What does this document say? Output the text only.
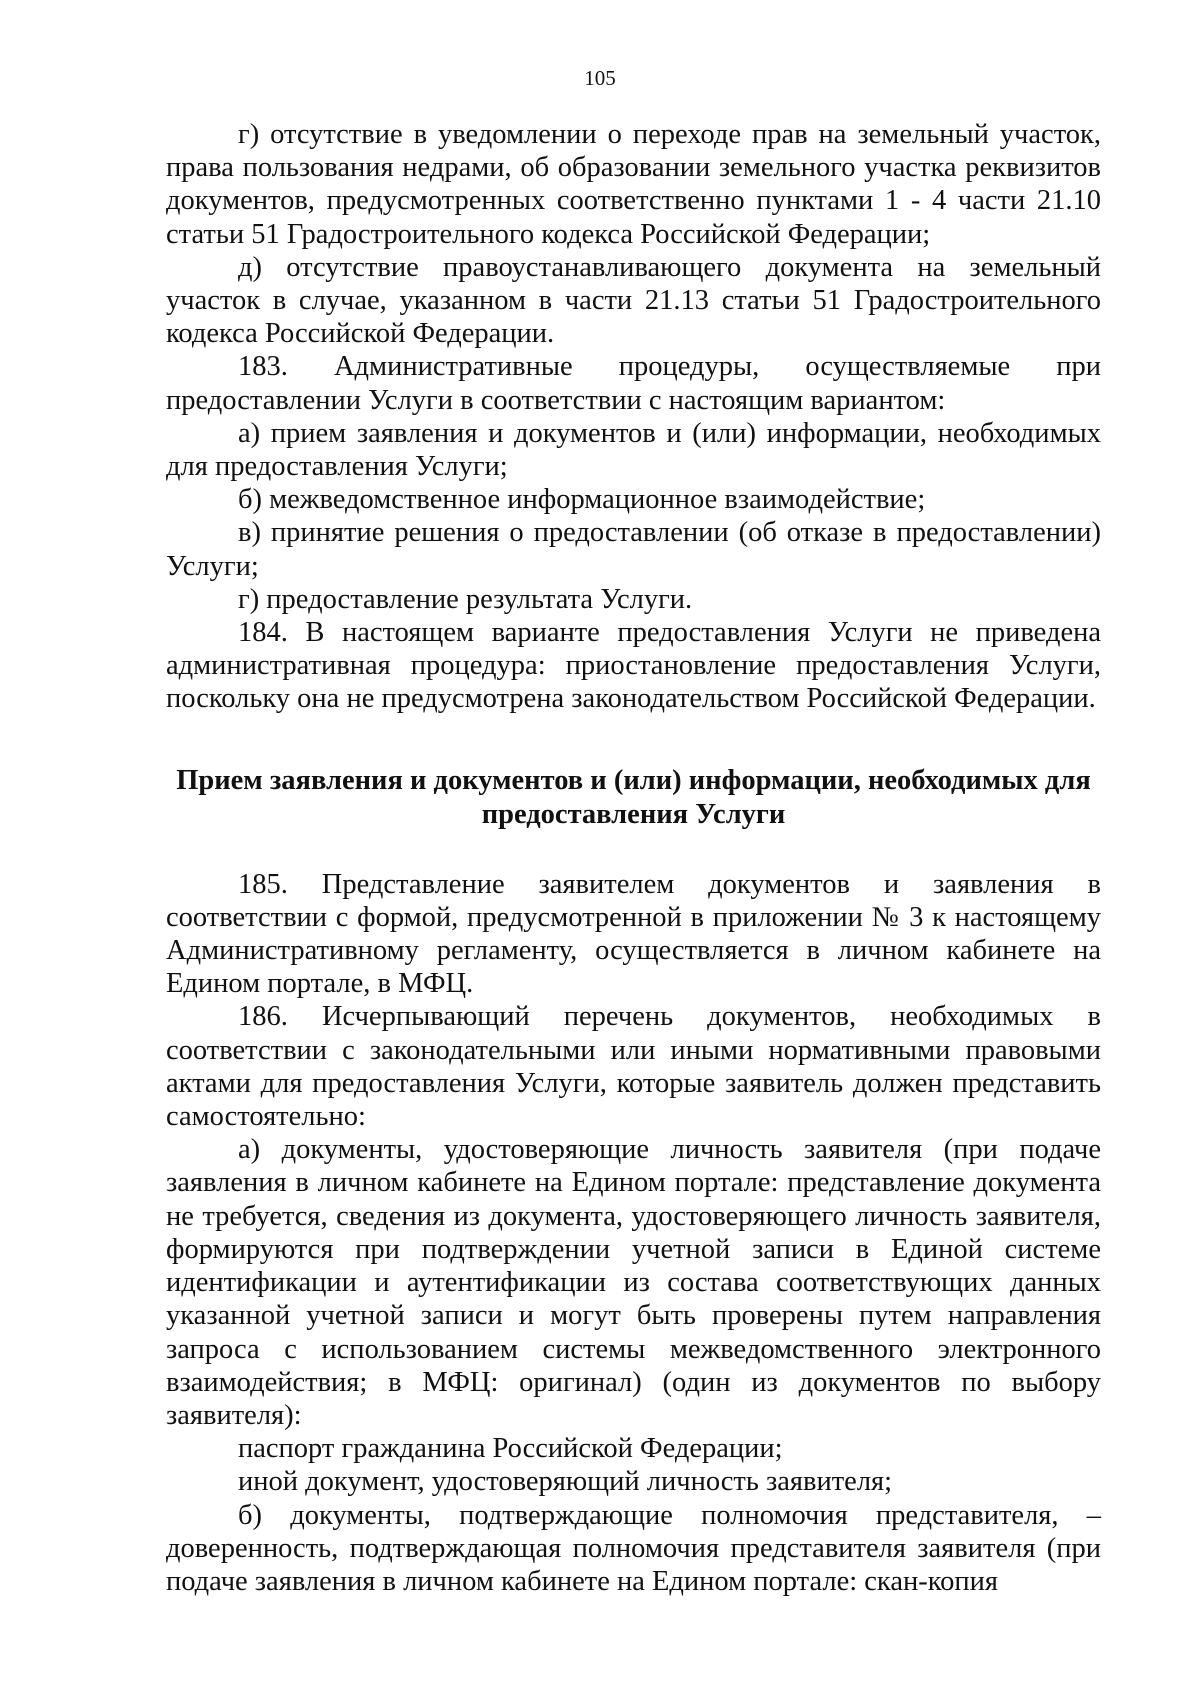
105

г) отсутствие в уведомлении о переходе прав на земельный участок, права пользования недрами, об образовании земельного участка реквизитов документов, предусмотренных соответственно пунктами 1 - 4 части 21.10 статьи 51 Градостроительного кодекса Российской Федерации;

д) отсутствие правоустанавливающего документа на земельный участок в случае, указанном в части 21.13 статьи 51 Градостроительного кодекса Российской Федерации.

183. Административные процедуры, осуществляемые при предоставлении Услуги в соответствии с настоящим вариантом:

а) прием заявления и документов и (или) информации, необходимых для предоставления Услуги;

б) межведомственное информационное взаимодействие;

в) принятие решения о предоставлении (об отказе в предоставлении) Услуги;

г) предоставление результата Услуги.

184. В настоящем варианте предоставления Услуги не приведена административная процедура: приостановление предоставления Услуги, поскольку она не предусмотрена законодательством Российской Федерации.

Прием заявления и документов и (или) информации, необходимых для
предоставления Услуги

185. Представление заявителем документов и заявления в соответствии с формой, предусмотренной в приложении № 3 к настоящему Административному регламенту, осуществляется в личном кабинете на Едином портале, в МФЦ.

186. Исчерпывающий перечень документов, необходимых в соответствии с законодательными или иными нормативными правовыми актами для предоставления Услуги, которые заявитель должен представить самостоятельно:

а) документы, удостоверяющие личность заявителя (при подаче заявления в личном кабинете на Едином портале: представление документа не требуется, сведения из документа, удостоверяющего личность заявителя, формируются при подтверждении учетной записи в Единой системе идентификации и аутентификации из состава соответствующих данных указанной учетной записи и могут быть проверены путем направления запроса с использованием системы межведомственного электронного взаимодействия; в МФЦ: оригинал) (один из документов по выбору заявителя):

паспорт гражданина Российской Федерации;

иной документ, удостоверяющий личность заявителя;

б) документы, подтверждающие полномочия представителя, – доверенность, подтверждающая полномочия представителя заявителя (при подаче заявления в личном кабинете на Едином портале: скан-копия
